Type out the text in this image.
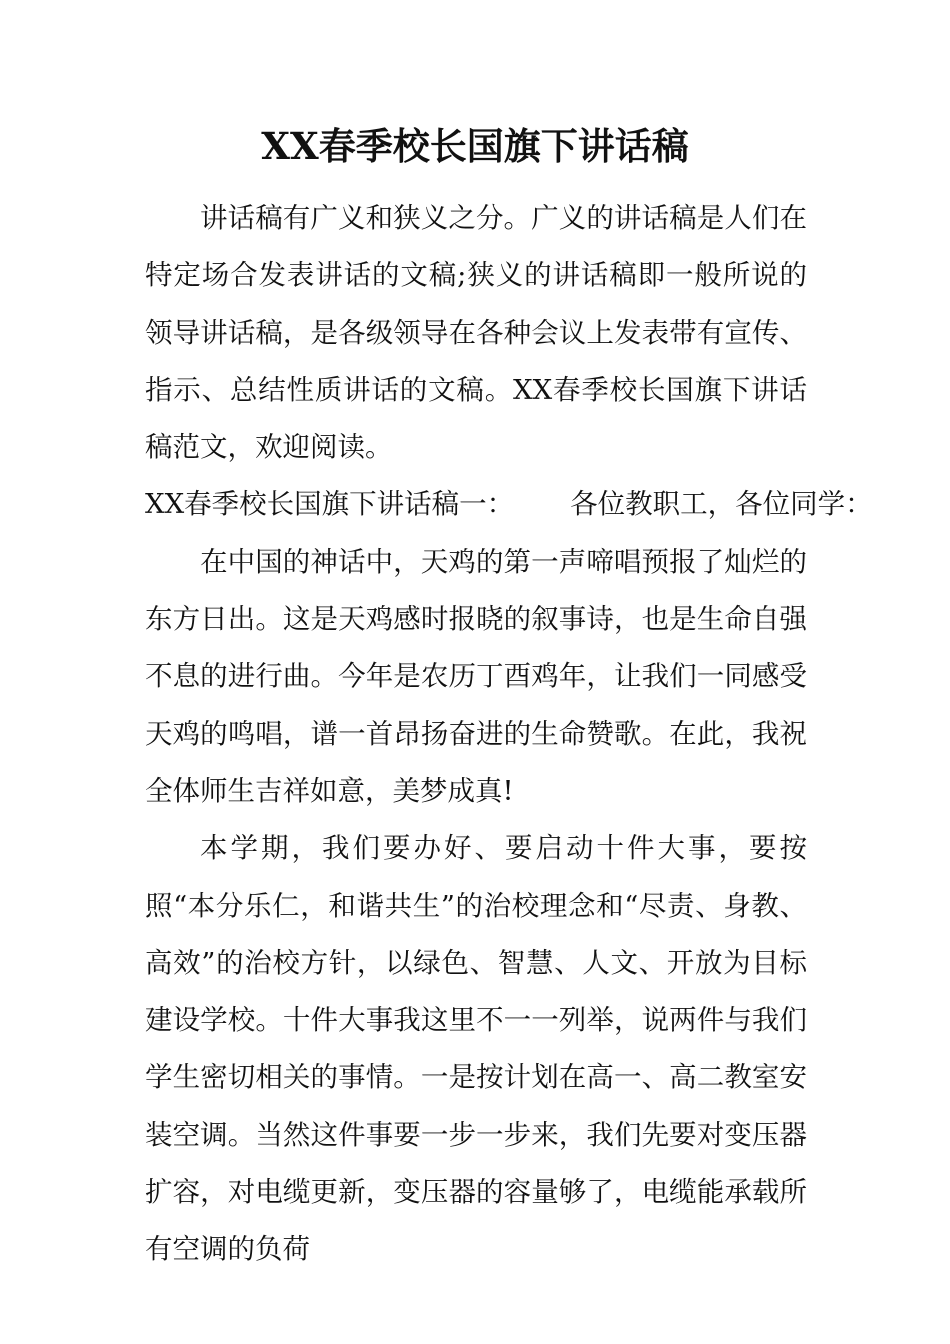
XX春季校长国旗下讲话稿

讲话稿有广义和狭义之分。广义的讲话稿是人们在特定场合发表讲话的文稿;狭义的讲话稿即一般所说的领导讲话稿，是各级领导在各种会议上发表带有宣传、指示、总结性质讲话的文稿。XX春季校长国旗下讲话稿范文，欢迎阅读。

XX春季校长国旗下讲话稿一： 各位教职工，各位同学：

在中国的神话中，天鸡的第一声啼唱预报了灿烂的东方日出。这是天鸡感时报晓的叙事诗，也是生命自强不息的进行曲。今年是农历丁酉鸡年，让我们一同感受天鸡的鸣唱，谱一首昂扬奋进的生命赞歌。在此，我祝全体师生吉祥如意，美梦成真!

本学期，我们要办好、要启动十件大事，要按照“本分乐仁，和谐共生”的治校理念和“尽责、身教、高效”的治校方针，以绿色、智慧、人文、开放为目标建设学校。十件大事我这里不一一列举，说两件与我们学生密切相关的事情。一是按计划在高一、高二教室安装空调。当然这件事要一步一步来，我们先要对变压器扩容，对电缆更新，变压器的容量够了，电缆能承载所有空调的负荷
